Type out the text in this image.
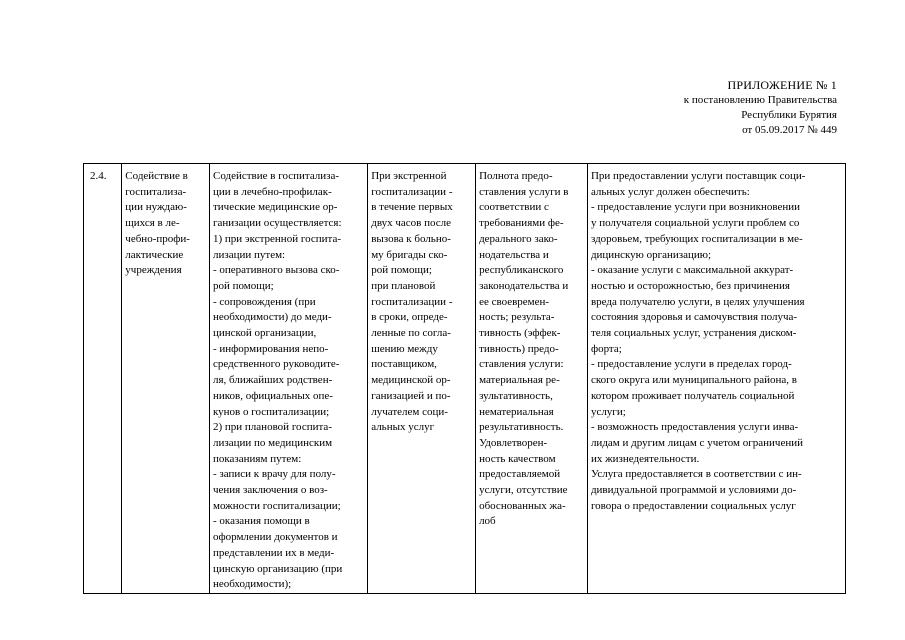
ПРИЛОЖЕНИЕ № 1
к постановлению Правительства
Республики Бурятия
от 05.09.2017 № 449
2.4.	Содействие в
госпитализа-
ции нуждаю-
щихся в ле-
чебно-профи-
лактические
учреждения

Содействие в госпитализа-
ции в лечебно-профилак-
тические медицинские ор-
ганизации осуществляется:
1) при экстренной госпита-
лизации путем:
- оперативного вызова ско-
рой помощи;
- сопровождения (при
необходимости) до меди-
цинской организации,
- информирования непо-
средственного руководите-
ля, ближайших родствен-
ников, официальных опе-
кунов о госпитализации;
2) при плановой госпита-
лизации по медицинским
показаниям путем:
- записи к врачу для полу-
чения заключения о воз-
можности госпитализации;
- оказания помощи в
оформлении документов и
представлении их в меди-
цинскую организацию (при
необходимости);

При экстренной
госпитализации -
в течение первых
двух часов после
вызова к больно-
му бригады ско-
рой помощи;
при плановой
госпитализации -
в сроки, опреде-
ленные по согла-
шению между
поставщиком,
медицинской ор-
ганизацией и по-
лучателем соци-
альных услуг

Полнота предо-
ставления услуги в
соответствии с
требованиями фе-
дерального зако-
нодательства и
республиканского
законодательства и
ее своевремен-
ность; результа-
тивность (эффек-
тивность) предо-
ставления услуги:
материальная ре-
зультативность,
нематериальная
результативность.
Удовлетворен-
ность качеством
предоставляемой
услуги, отсутствие
обоснованных жа-
лоб

При предоставлении услуги поставщик соци-
альных услуг должен обеспечить:
- предоставление услуги при возникновении
у получателя социальной услуги проблем со
здоровьем, требующих госпитализации в ме-
дицинскую организацию;
- оказание услуги с максимальной аккурат-
ностью и осторожностью, без причинения
вреда получателю услуги, в целях улучшения
состояния здоровья и самочувствия получа-
теля социальных услуг, устранения диском-
форта;
- предоставление услуги в пределах город-
ского округа или муниципального района, в
котором проживает получатель социальной
услуги;
- возможность предоставления услуги инва-
лидам и другим лицам с учетом ограничений
их жизнедеятельности.
Услуга предоставляется в соответствии с ин-
дивидуальной программой и условиями до-
говора о предоставлении социальных услуг
